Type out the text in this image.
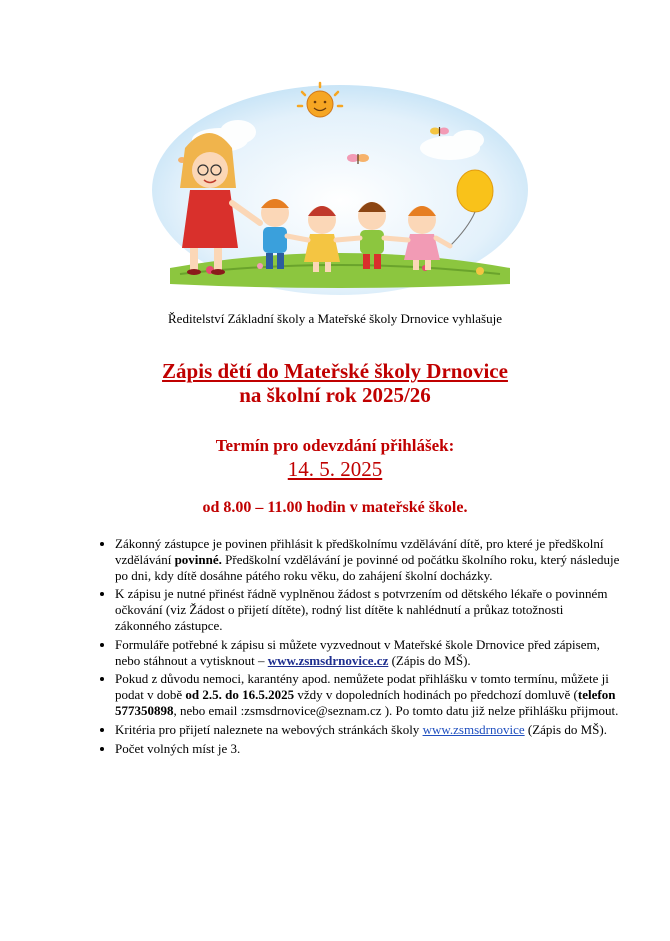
Ředitelství Základní školy a Mateřské školy Drnovice vyhlašuje
Zápis dětí do Mateřské školy Drnovice
na školní rok 2025/26
Termín pro odevzdání přihlášek:
14. 5. 2025
od 8.00 – 11.00 hodin v mateřské škole.
• Zákonný zástupce je povinen přihlásit k předškolnímu vzdělávání dítě, pro které je předškolní vzdělávání povinné. Předškolní vzdělávání je povinné od počátku školního roku, který následuje po dni, kdy dítě dosáhne pátého roku věku, do zahájení školní docházky.
• K zápisu je nutné přinést řádně vyplněnou žádost s potvrzením od dětského lékaře o povinném očkování (viz Žádost o přijetí dítěte), rodný list dítěte k nahlédnutí a průkaz totožnosti zákonného zástupce.
• Formuláře potřebné k zápisu si můžete vyzvednout v Mateřské škole Drnovice před zápisem, nebo stáhnout a vytisknout – www.zsmsdrnovice.cz (Zápis do MŠ).
• Pokud z důvodu nemoci, karantény apod. nemůžete podat přihlášku v tomto termínu, můžete ji podat v době od 2.5. do 16.5.2025 vždy v dopoledních hodinách po předchozí domluvě (telefon 577350898, nebo email :zsmsdrnovice@seznam.cz ). Po tomto datu již nelze přihlášku přijmout.
• Kritéria pro přijetí naleznete na webových stránkách školy www.zsmsdrnovice (Zápis do MŠ).
• Počet volných míst je 3.
